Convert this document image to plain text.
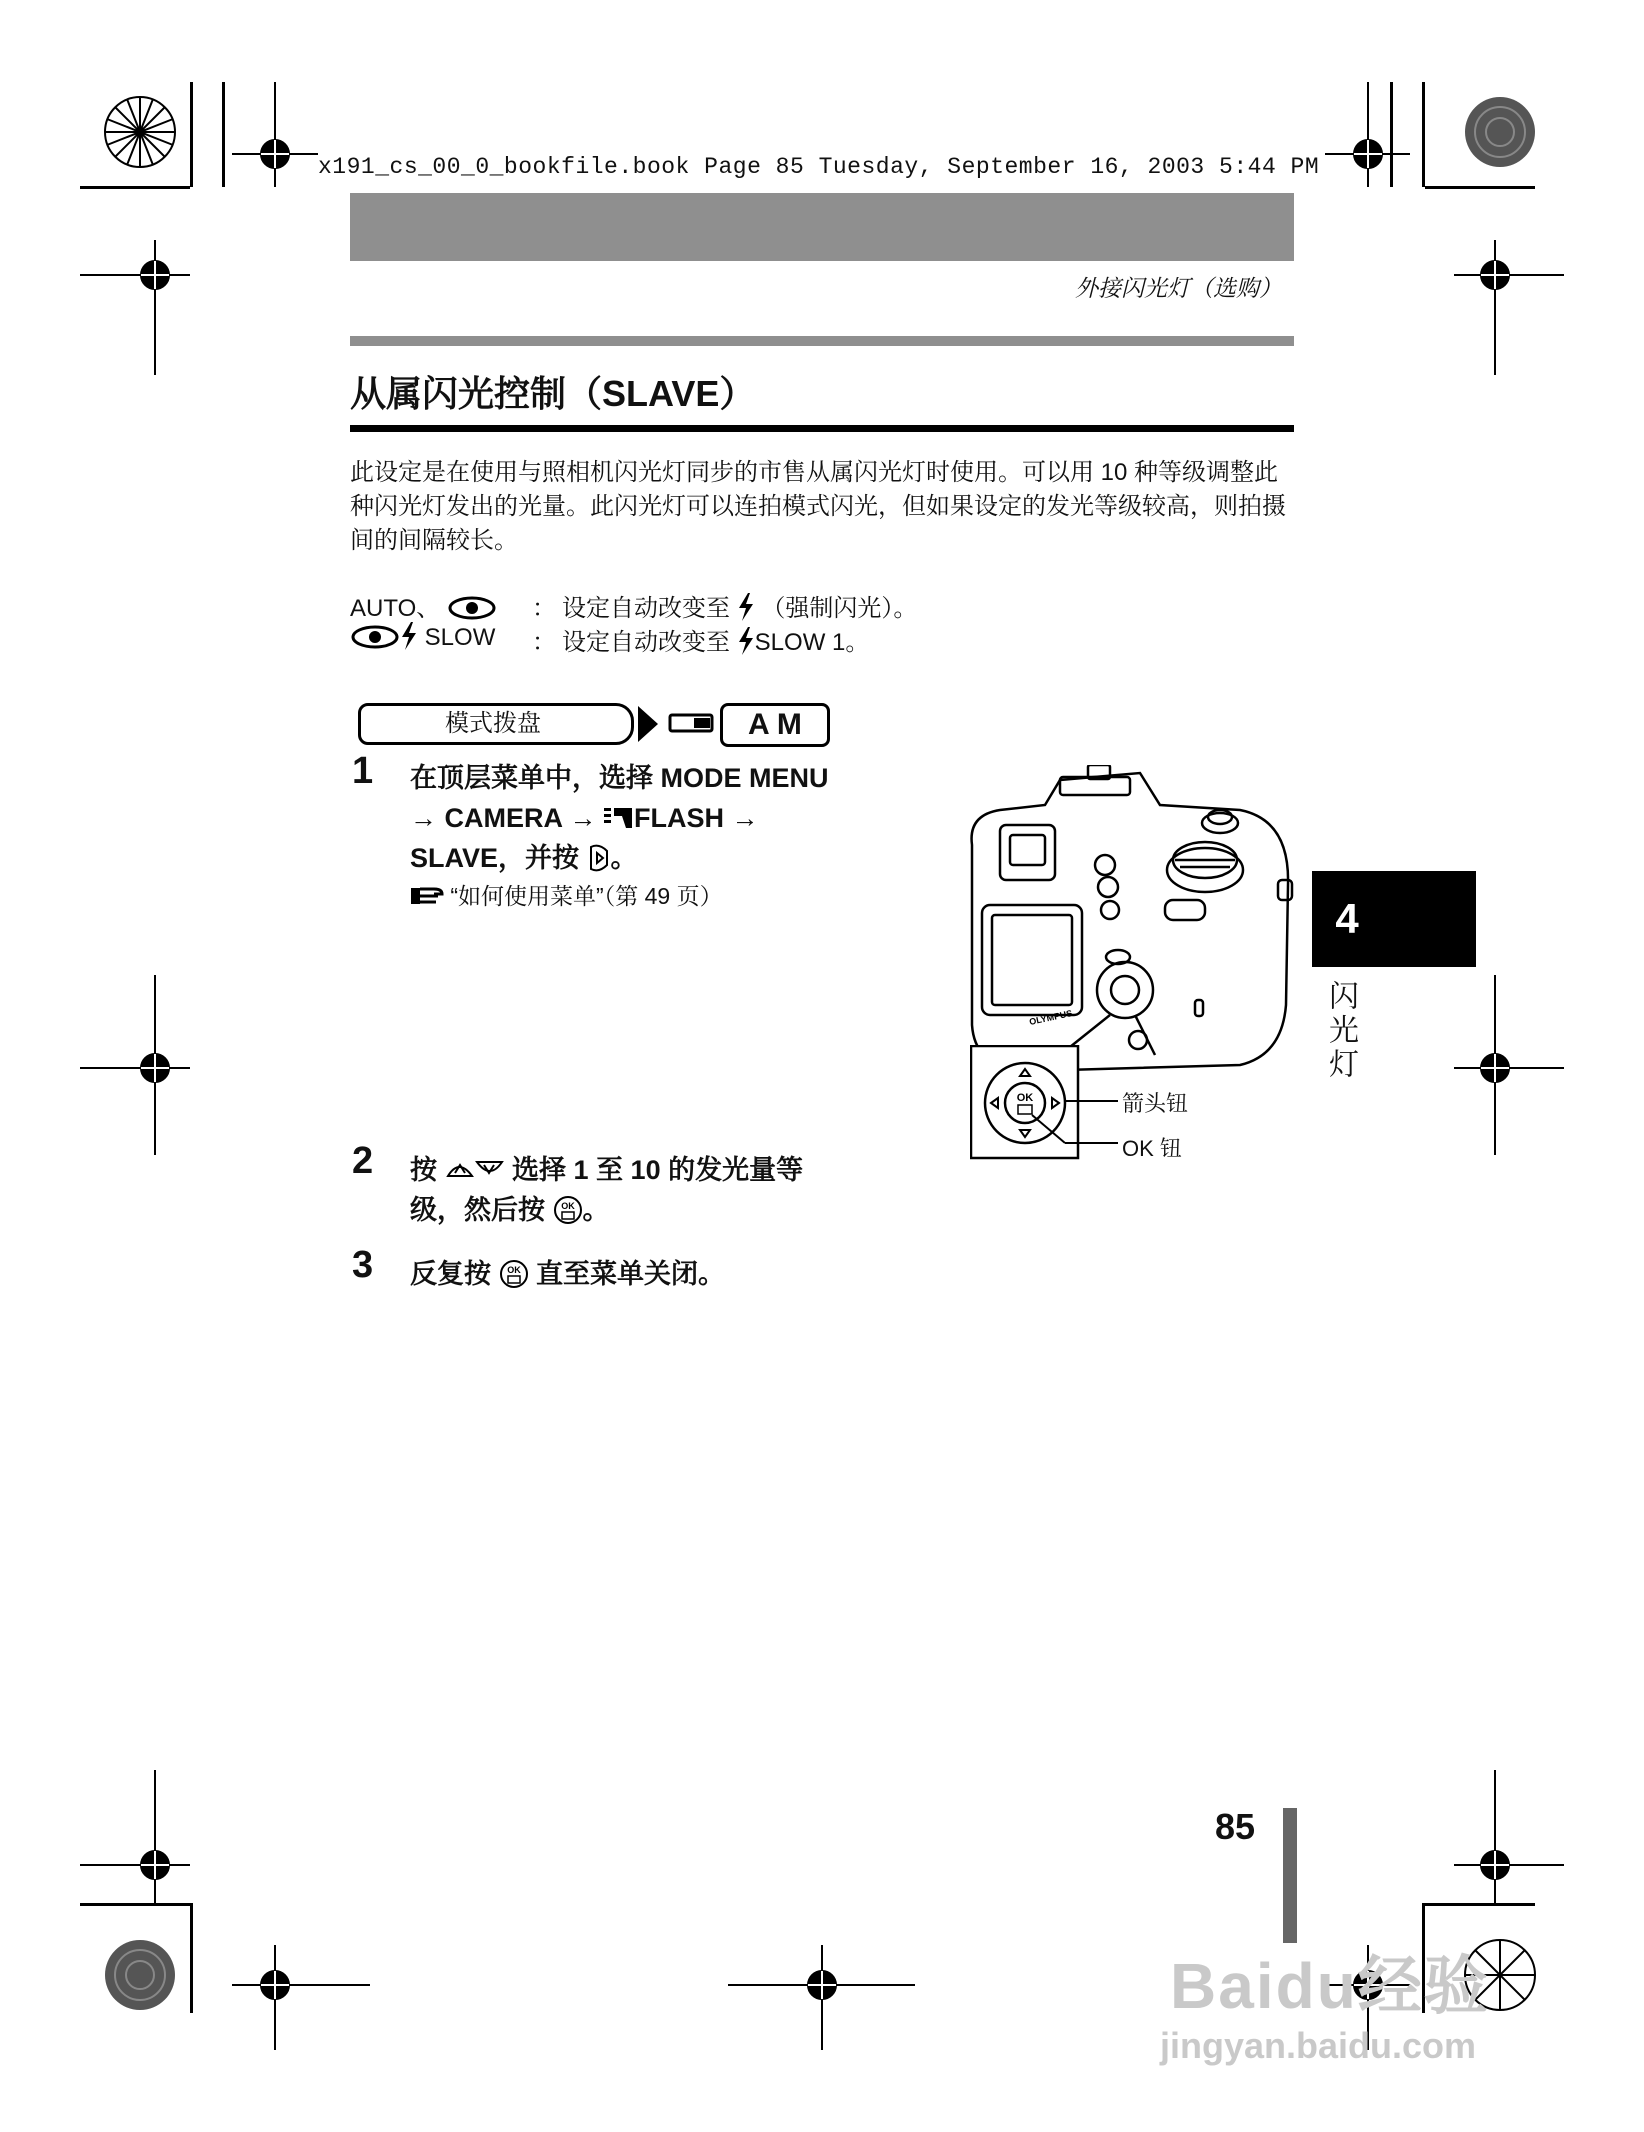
x191_cs_00_0_bookfile.book Page 85 Tuesday, September 16, 2003 5:44 PM
外接闪光灯（选购）
从属闪光控制（SLAVE）
此设定是在使用与照相机闪光灯同步的市售从属闪光灯时使用。可以用 10 种等级调整此种闪光灯发出的光量。此闪光灯可以连拍模式闪光，但如果设定的发光等级较高，则拍摄间的间隔较长。
AUTO、	： 设定自动改变至 （强制闪光）。
SLOW ： 设定自动改变至 SLOW 1。
模式拨盘	A M
1 在顶层菜单中，选择 MODE MENU
→ CAMERA → FLASH →
SLAVE，并按 。
“如何使用菜单”（第 49 页）
2 按	选择 1 至 10 的发光量等
级，然后按 OK 。
3 反复按 OK 直至菜单关闭。
OLYMPUS
OK	箭头钮
OK 钮
4
闪光灯
85
Baidu经验
jingyan.baidu.com
